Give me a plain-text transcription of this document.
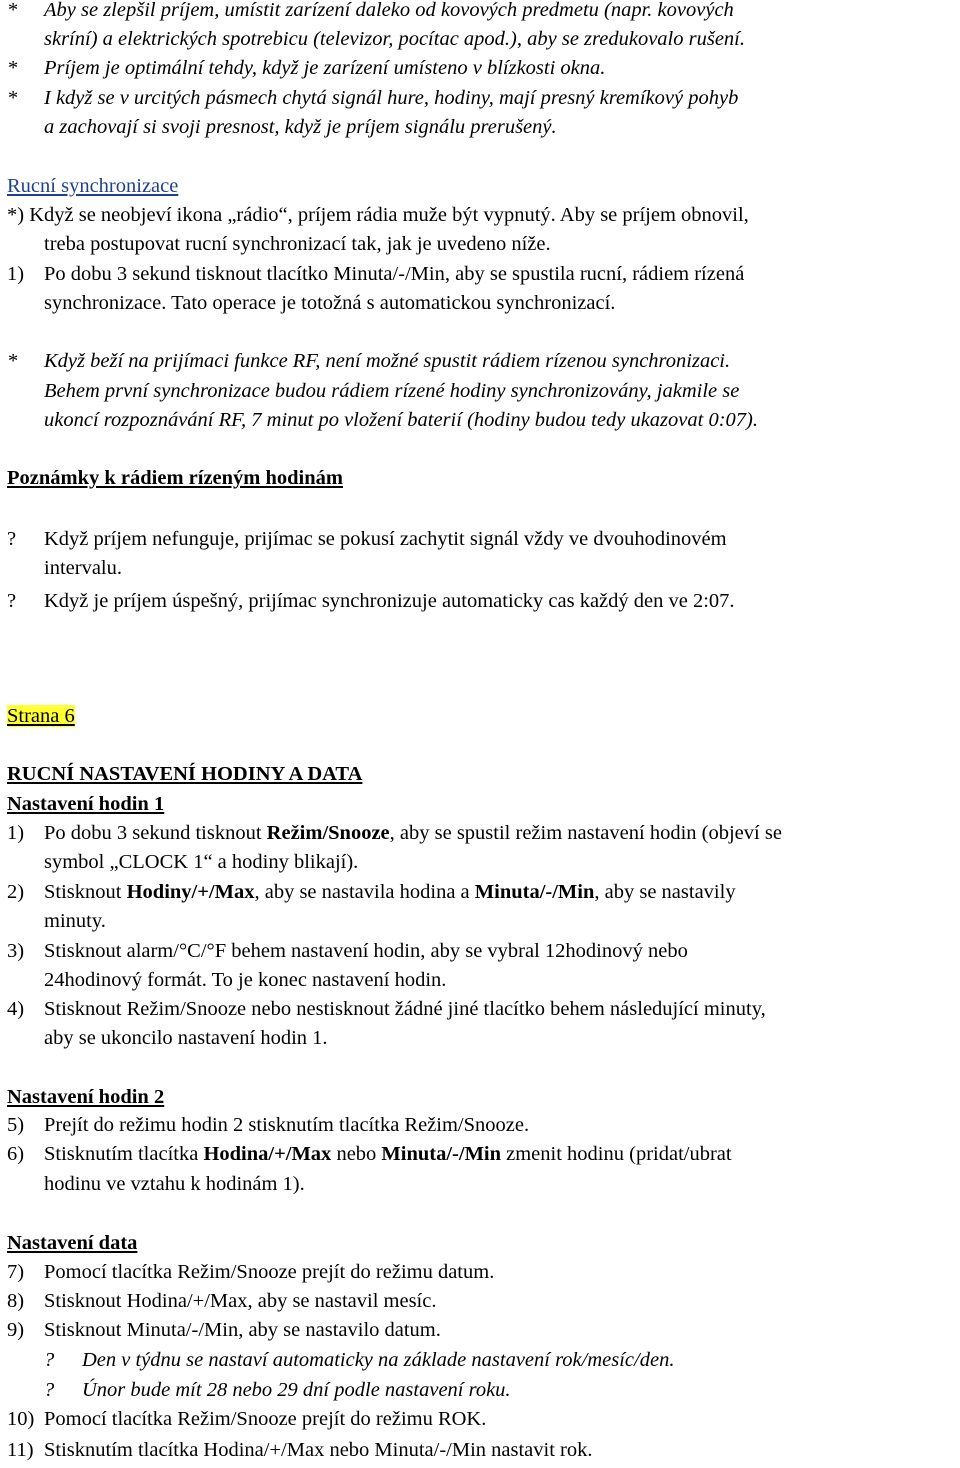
* Aby se zlepšil príjem, umístit zarízení daleko od kovových predmetu (napr. kovových
skríní) a elektrických spotrebicu (televizor, pocítac apod.), aby se zredukovalo rušení.
* Príjem je optimální tehdy, když je zarízení umísteno v blízkosti okna.
* I když se v urcitých pásmech chytá signál hure, hodiny, mají presný kremíkový pohyb
a zachovají si svoji presnost, když je príjem signálu prerušený.
Rucní synchronizace
*) Když se neobjeví ikona „rádio“, príjem rádia muže být vypnutý. Aby se príjem obnovil,
treba postupovat rucní synchronizací tak, jak je uvedeno níže.
1) Po dobu 3 sekund tisknout tlacítko Minuta/-/Min, aby se spustila rucní, rádiem rízená
synchronizace. Tato operace je totožná s automatickou synchronizací.
* Když beží na prijímaci funkce RF, není možné spustit rádiem rízenou synchronizaci.
Behem první synchronizace budou rádiem rízené hodiny synchronizovány, jakmile se
ukoncí rozpoznávání RF, 7 minut po vložení baterií (hodiny budou tedy ukazovat 0:07).
Poznámky k rádiem rízeným hodinám
? Když príjem nefunguje, prijímac se pokusí zachytit signál vždy ve dvouhodinovém
intervalu.
? Když je príjem úspešný, prijímac synchronizuje automaticky cas každý den ve 2:07.
Strana 6
RUCNÍ NASTAVENÍ HODINY A DATA
Nastavení hodin 1
1) Po dobu 3 sekund tisknout Režim/Snooze, aby se spustil režim nastavení hodin (objeví se
symbol „CLOCK 1“ a hodiny blikají).
2) Stisknout Hodiny/+/Max, aby se nastavila hodina a Minuta/-/Min, aby se nastavily
minuty.
3) Stisknout alarm/°C/°F behem nastavení hodin, aby se vybral 12hodinový nebo
24hodinový formát. To je konec nastavení hodin.
4) Stisknout Režim/Snooze nebo nestisknout žádné jiné tlacítko behem následující minuty,
aby se ukoncilo nastavení hodin 1.
Nastavení hodin 2
5) Prejít do režimu hodin 2 stisknutím tlacítka Režim/Snooze.
6) Stisknutím tlacítka Hodina/+/Max nebo Minuta/-/Min zmenit hodinu (pridat/ubrat
hodinu ve vztahu k hodinám 1).
Nastavení data
7) Pomocí tlacítka Režim/Snooze prejít do režimu datum.
8) Stisknout Hodina/+/Max, aby se nastavil mesíc.
9) Stisknout Minuta/-/Min, aby se nastavilo datum.
? Den v týdnu se nastaví automaticky na základe nastavení rok/mesíc/den.
? Únor bude mít 28 nebo 29 dní podle nastavení roku.
10) Pomocí tlacítka Režim/Snooze prejít do režimu ROK.
11) Stisknutím tlacítka Hodina/+/Max nebo Minuta/-/Min nastavit rok.
